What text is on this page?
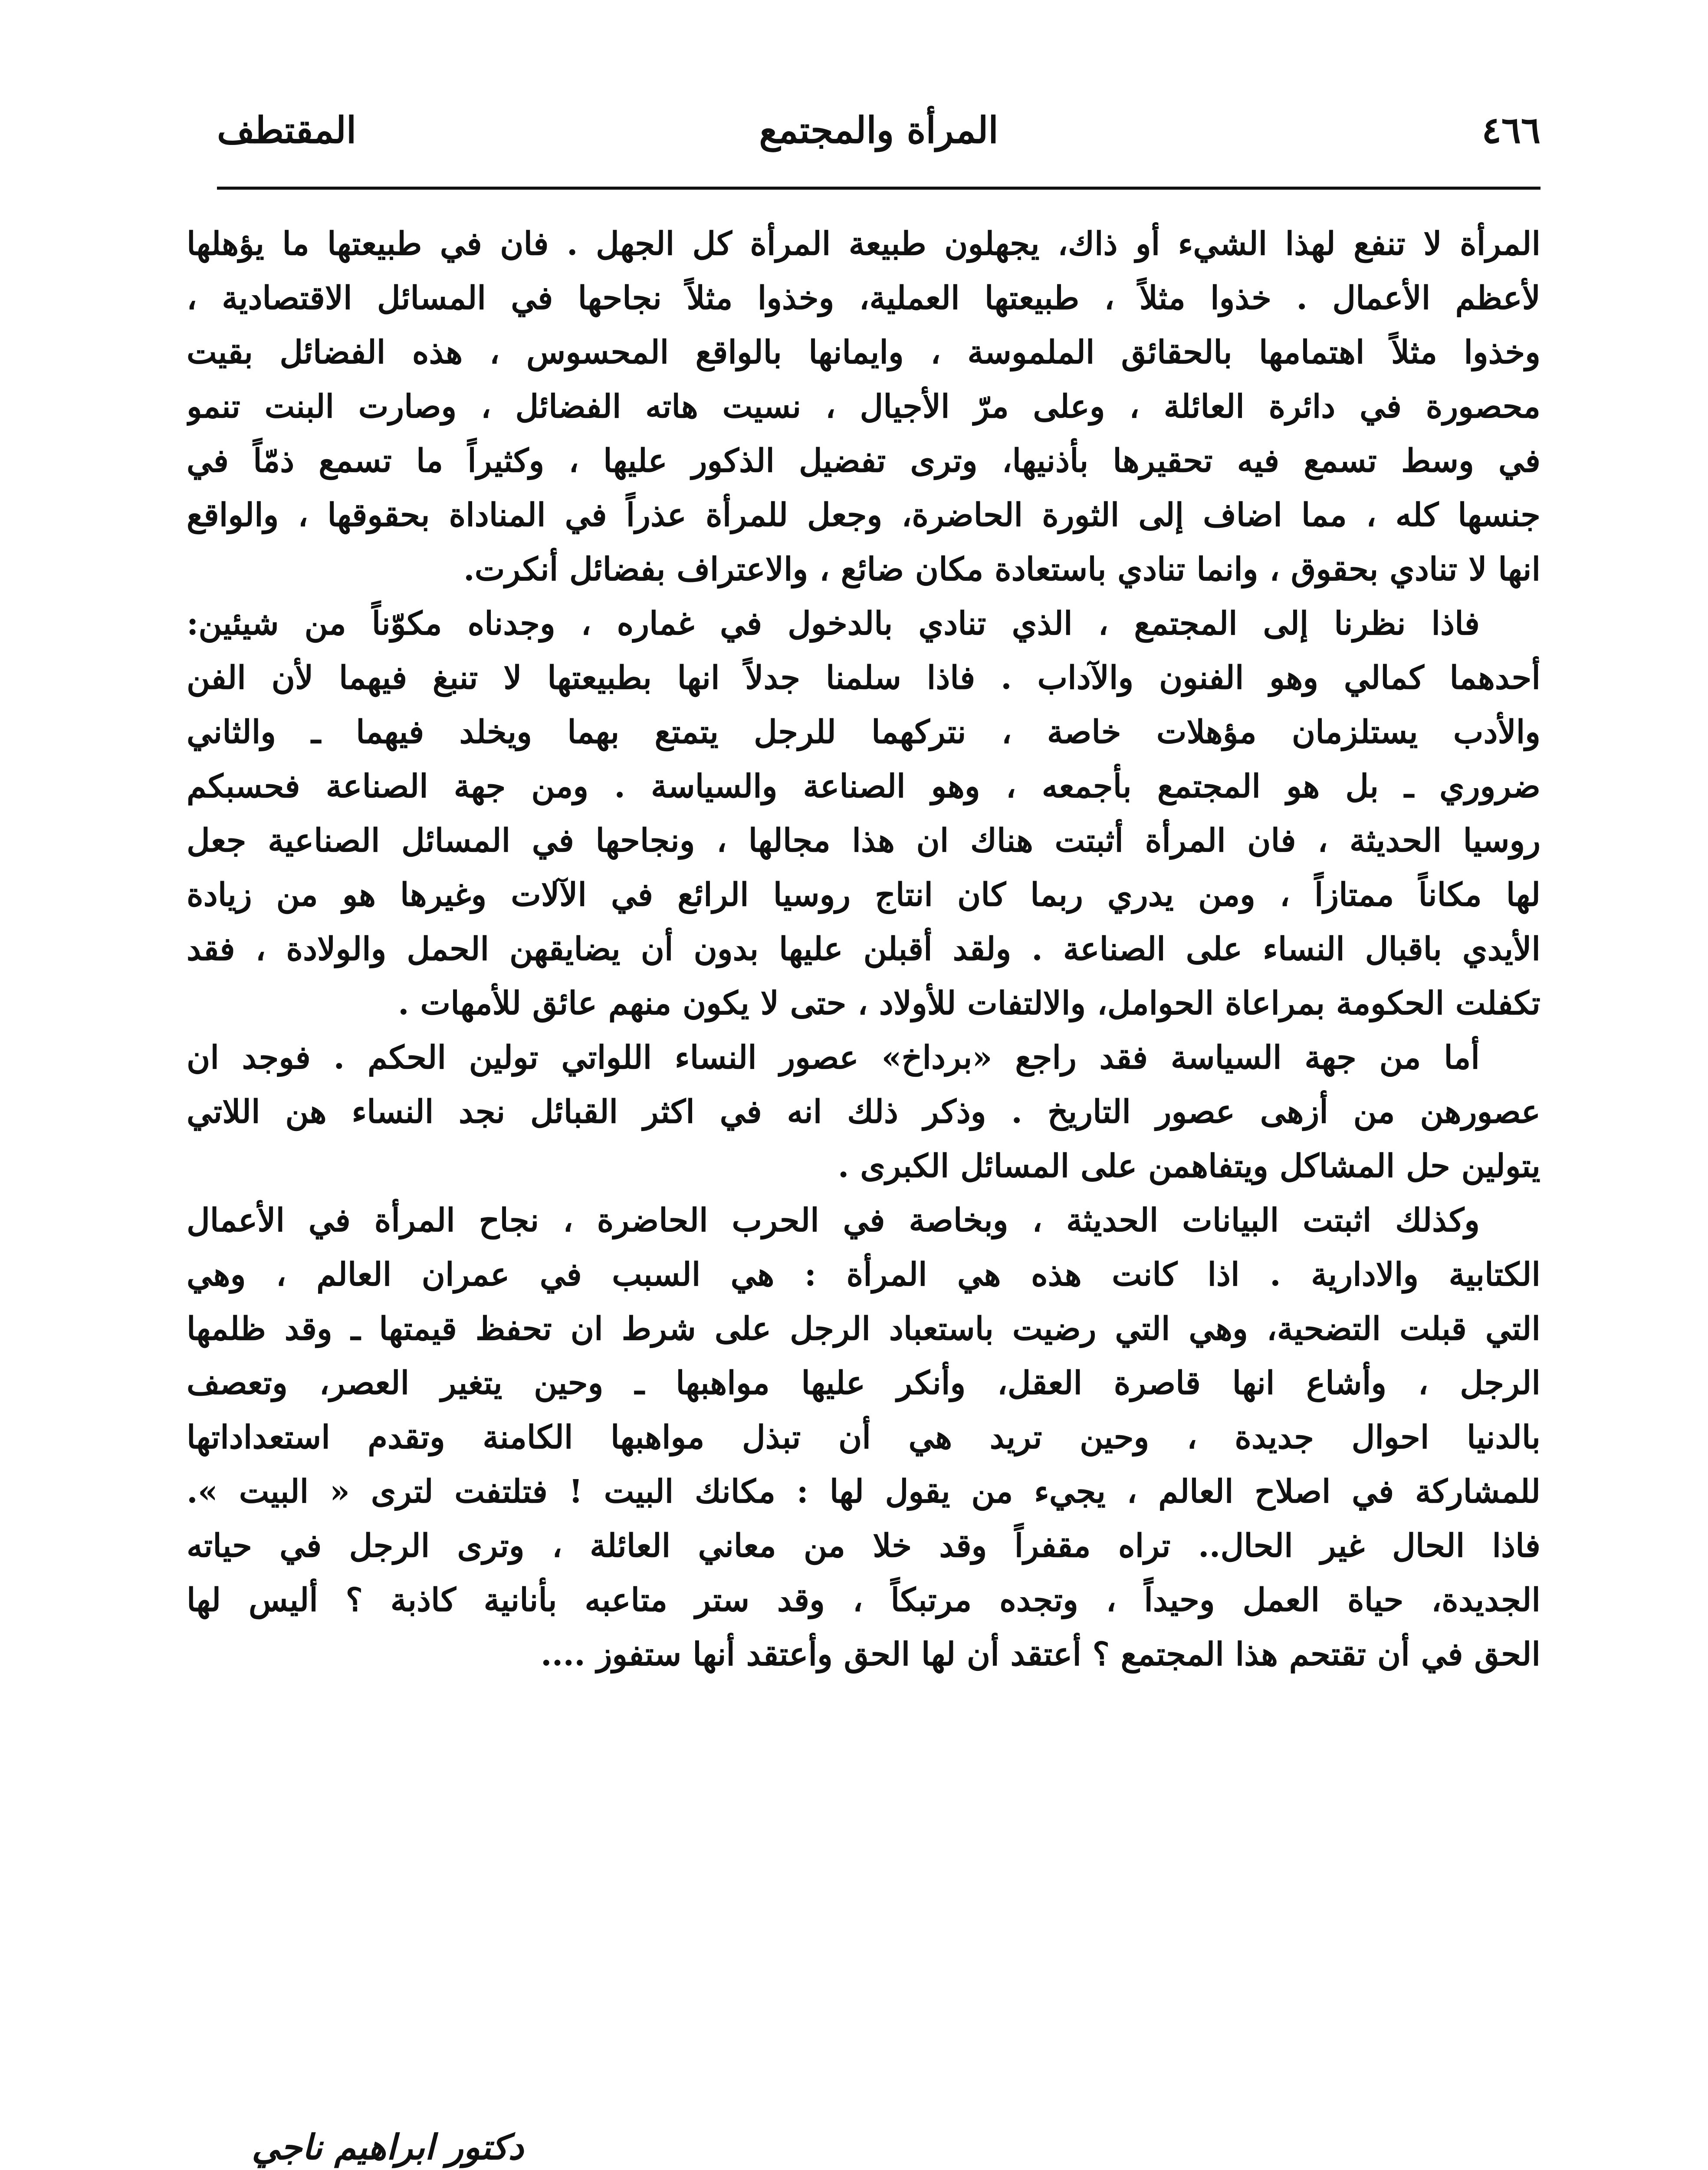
٤٦٦
المرأة والمجتمع
المقتطف
المرأة لا تنفع لهذا الشيء أو ذاك، يجهلون طبيعة المرأة كل الجهل . فان في طبيعتها ما يؤهلها
لأعظم الأعمال . خذوا مثلاً ، طبيعتها العملية، وخذوا مثلاً نجاحها في المسائل الاقتصادية ،
وخذوا مثلاً اهتمامها بالحقائق الملموسة ، وايمانها بالواقع المحسوس ، هذه الفضائل بقيت
محصورة في دائرة العائلة ، وعلى مرّ الأجيال ، نسيت هاته الفضائل ، وصارت البنت تنمو
في وسط تسمع فيه تحقيرها بأذنيها، وترى تفضيل الذكور عليها ، وكثيراً ما تسمع ذمّاً في
جنسها كله ، مما اضاف إلى الثورة الحاضرة، وجعل للمرأة عذراً في المناداة بحقوقها ، والواقع
انها لا تنادي بحقوق ، وانما تنادي باستعادة مكان ضائع ، والاعتراف بفضائل أنكرت.
فاذا نظرنا إلى المجتمع ، الذي تنادي بالدخول في غماره ، وجدناه مكوّناً من شيئين:
أحدهما كمالي وهو الفنون والآداب . فاذا سلمنا جدلاً انها بطبيعتها لا تنبغ فيهما لأن الفن
والأدب يستلزمان مؤهلات خاصة ، نتركهما للرجل يتمتع بهما ويخلد فيهما ـ والثاني
ضروري ـ بل هو المجتمع بأجمعه ، وهو الصناعة والسياسة . ومن جهة الصناعة فحسبكم
روسيا الحديثة ، فان المرأة أثبتت هناك ان هذا مجالها ، ونجاحها في المسائل الصناعية جعل
لها مكاناً ممتازاً ، ومن يدري ربما كان انتاج روسيا الرائع في الآلات وغيرها هو من زيادة
الأيدي باقبال النساء على الصناعة . ولقد أقبلن عليها بدون أن يضايقهن الحمل والولادة ، فقد
تكفلت الحكومة بمراعاة الحوامل، والالتفات للأولاد ، حتى لا يكون منهم عائق للأمهات .
أما من جهة السياسة فقد راجع «برداخ» عصور النساء اللواتي تولين الحكم . فوجد ان
عصورهن من أزهى عصور التاريخ . وذكر ذلك انه في اكثر القبائل نجد النساء هن اللاتي
يتولين حل المشاكل ويتفاهمن على المسائل الكبرى .
وكذلك اثبتت البيانات الحديثة ، وبخاصة في الحرب الحاضرة ، نجاح المرأة في الأعمال
الكتابية والادارية . اذا كانت هذه هي المرأة : هي السبب في عمران العالم ، وهي
التي قبلت التضحية، وهي التي رضيت باستعباد الرجل على شرط ان تحفظ قيمتها ـ وقد ظلمها
الرجل ، وأشاع انها قاصرة العقل، وأنكر عليها مواهبها ـ وحين يتغير العصر، وتعصف
بالدنيا احوال جديدة ، وحين تريد هي أن تبذل مواهبها الكامنة وتقدم استعداداتها
للمشاركة في اصلاح العالم ، يجيء من يقول لها : مكانك البيت ! فتلتفت لترى « البيت ».
فاذا الحال غير الحال.. تراه مقفراً وقد خلا من معاني العائلة ، وترى الرجل في حياته
الجديدة، حياة العمل وحيداً ، وتجده مرتبكاً ، وقد ستر متاعبه بأنانية كاذبة ؟ أليس لها
الحق في أن تقتحم هذا المجتمع ؟ أعتقد أن لها الحق وأعتقد أنها ستفوز ....
دكتور ابراهيم ناجي
